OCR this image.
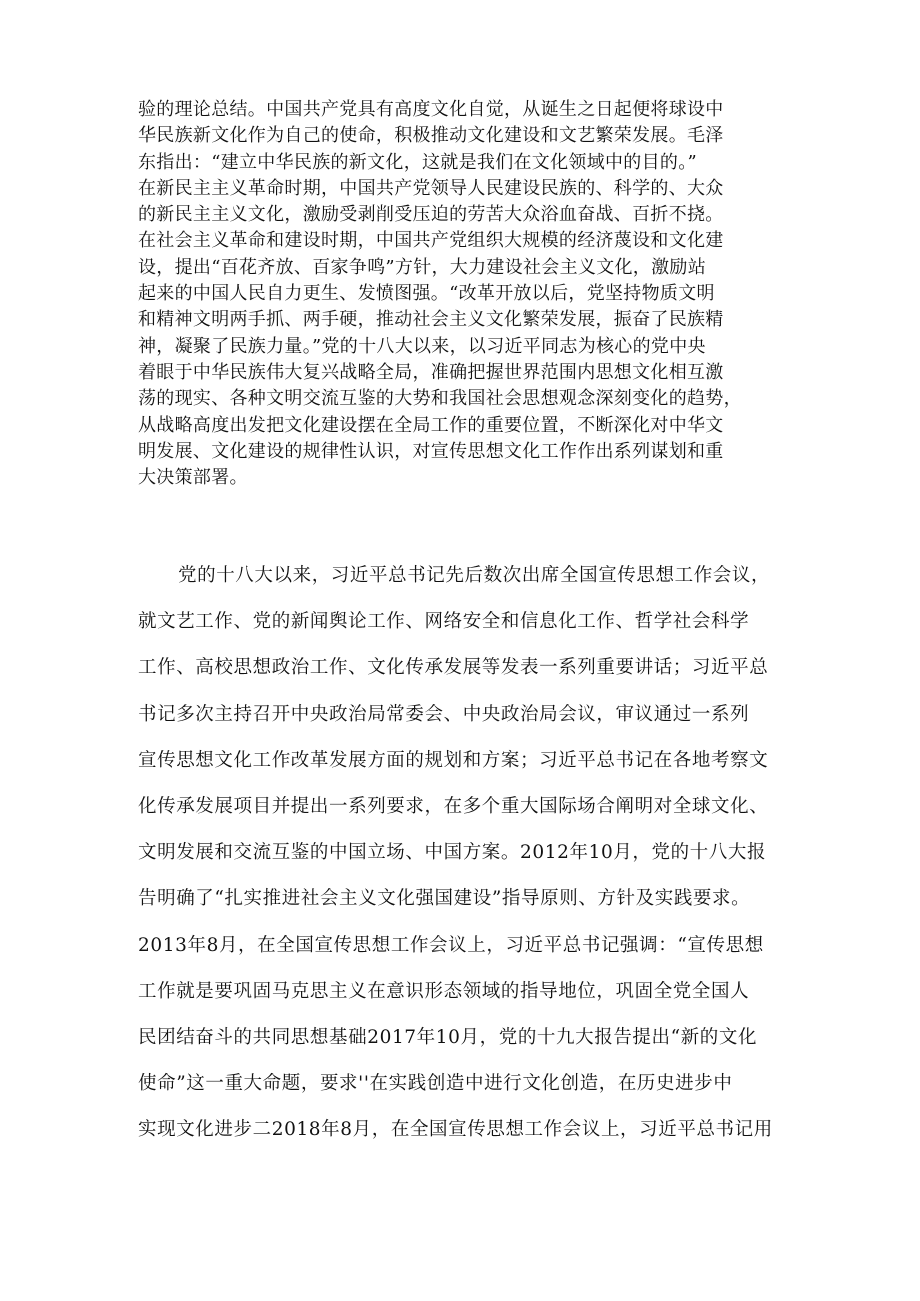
验的理论总结。中国共产党具有高度文化自觉，从诞生之日起便将球设中
华民族新文化作为自己的使命，积极推动文化建设和文艺繁荣发展。毛泽
东指出：“建立中华民族的新文化，这就是我们在文化领域中的目的。”
在新民主主义革命时期，中国共产党领导人民建设民族的、科学的、大众
的新民主主义文化，激励受剥削受压迫的劳苦大众浴血奋战、百折不挠。
在社会主义革命和建设时期，中国共产党组织大规模的经济蔑设和文化建
设，提出“百花齐放、百家争鸣”方针，大力建设社会主义文化，激励站
起来的中国人民自力更生、发愤图强。“改革开放以后，党坚持物质文明
和精神文明两手抓、两手硬，推动社会主义文化繁荣发展，振奋了民族精
神，凝聚了民族力量。”党的十八大以来，以习近平同志为核心的党中央
着眼于中华民族伟大复兴战略全局，准确把握世界范围内思想文化相互激
荡的现实、各种文明交流互鉴的大势和我国社会思想观念深刻变化的趋势，
从战略高度出发把文化建设摆在全局工作的重要位置，不断深化对中华文
明发展、文化建设的规律性认识，对宣传思想文化工作作出系列谋划和重
大决策部署。
党的十八大以来，习近平总书记先后数次出席全国宣传思想工作会议，
就文艺工作、党的新闻舆论工作、网络安全和信息化工作、哲学社会科学
工作、高校思想政治工作、文化传承发展等发表一系列重要讲话；习近平总
书记多次主持召开中央政治局常委会、中央政治局会议，审议通过一系列
宣传思想文化工作改革发展方面的规划和方案；习近平总书记在各地考察文
化传承发展项目并提出一系列要求，在多个重大国际场合阐明对全球文化、
文明发展和交流互鉴的中国立场、中国方案。2012年10月，党的十八大报
告明确了“扎实推进社会主义文化强国建设”指导原则、方针及实践要求。
2013年8月，在全国宣传思想工作会议上，习近平总书记强调：“宣传思想
工作就是要巩固马克思主义在意识形态领域的指导地位，巩固全党全国人
民团结奋斗的共同思想基础2017年10月，党的十九大报告提出“新的文化
使命”这一重大命题，要求''在实践创造中进行文化创造，在历史进步中
实现文化进步二2018年8月，在全国宣传思想工作会议上，习近平总书记用
